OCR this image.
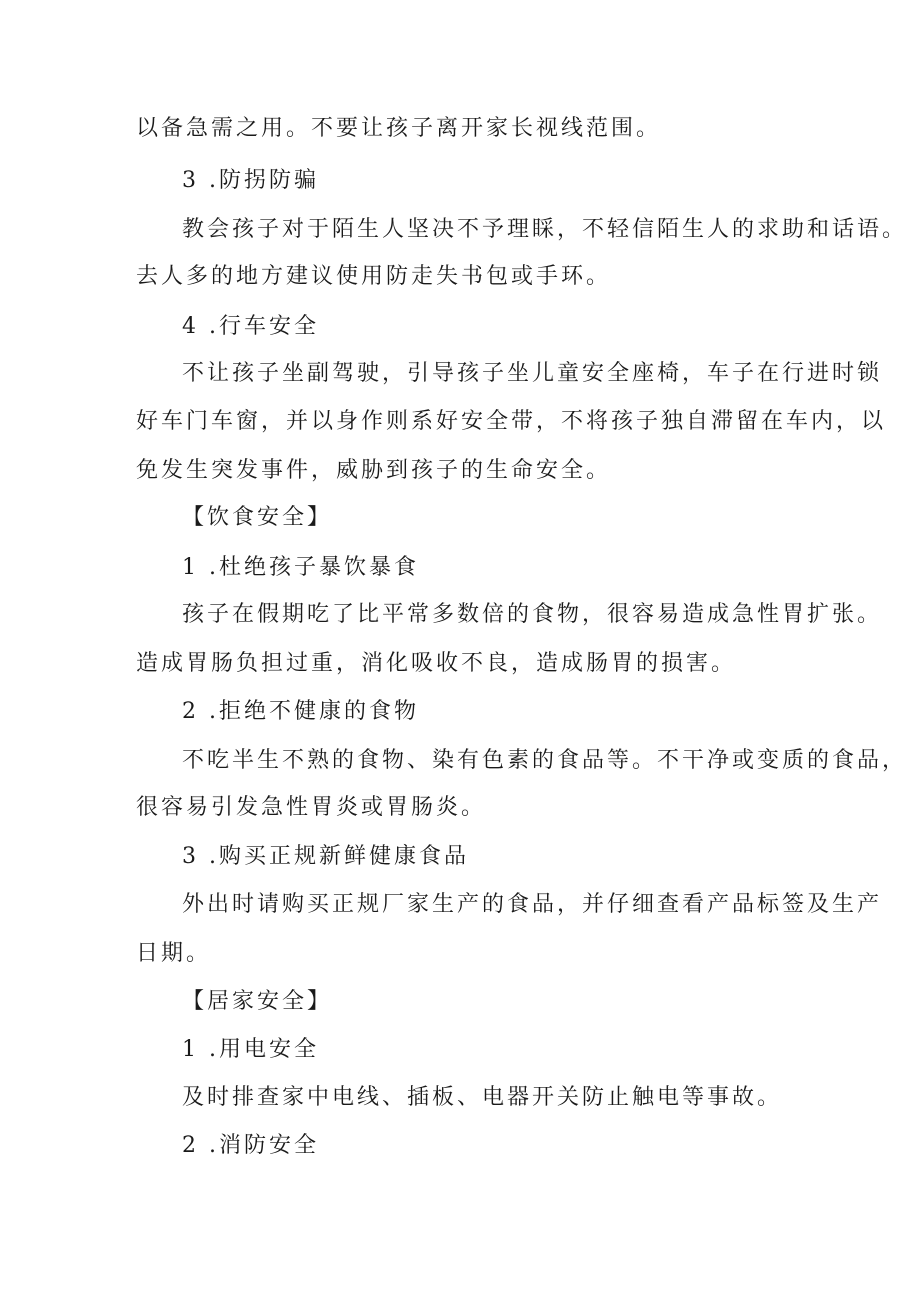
以备急需之用。不要让孩子离开家长视线范围。
3 .防拐防骗
教会孩子对于陌生人坚决不予理睬，不轻信陌生人的求助和话语。
去人多的地方建议使用防走失书包或手环。
4 .行车安全
不让孩子坐副驾驶，引导孩子坐儿童安全座椅，车子在行进时锁
好车门车窗，并以身作则系好安全带，不将孩子独自滞留在车内，以
免发生突发事件，威胁到孩子的生命安全。
【饮食安全】
1 .杜绝孩子暴饮暴食
孩子在假期吃了比平常多数倍的食物，很容易造成急性胃扩张。
造成胃肠负担过重，消化吸收不良，造成肠胃的损害。
2 .拒绝不健康的食物
不吃半生不熟的食物、染有色素的食品等。不干净或变质的食品，
很容易引发急性胃炎或胃肠炎。
3 .购买正规新鲜健康食品
外出时请购买正规厂家生产的食品，并仔细查看产品标签及生产
日期。
【居家安全】
1 .用电安全
及时排查家中电线、插板、电器开关防止触电等事故。
2 .消防安全
